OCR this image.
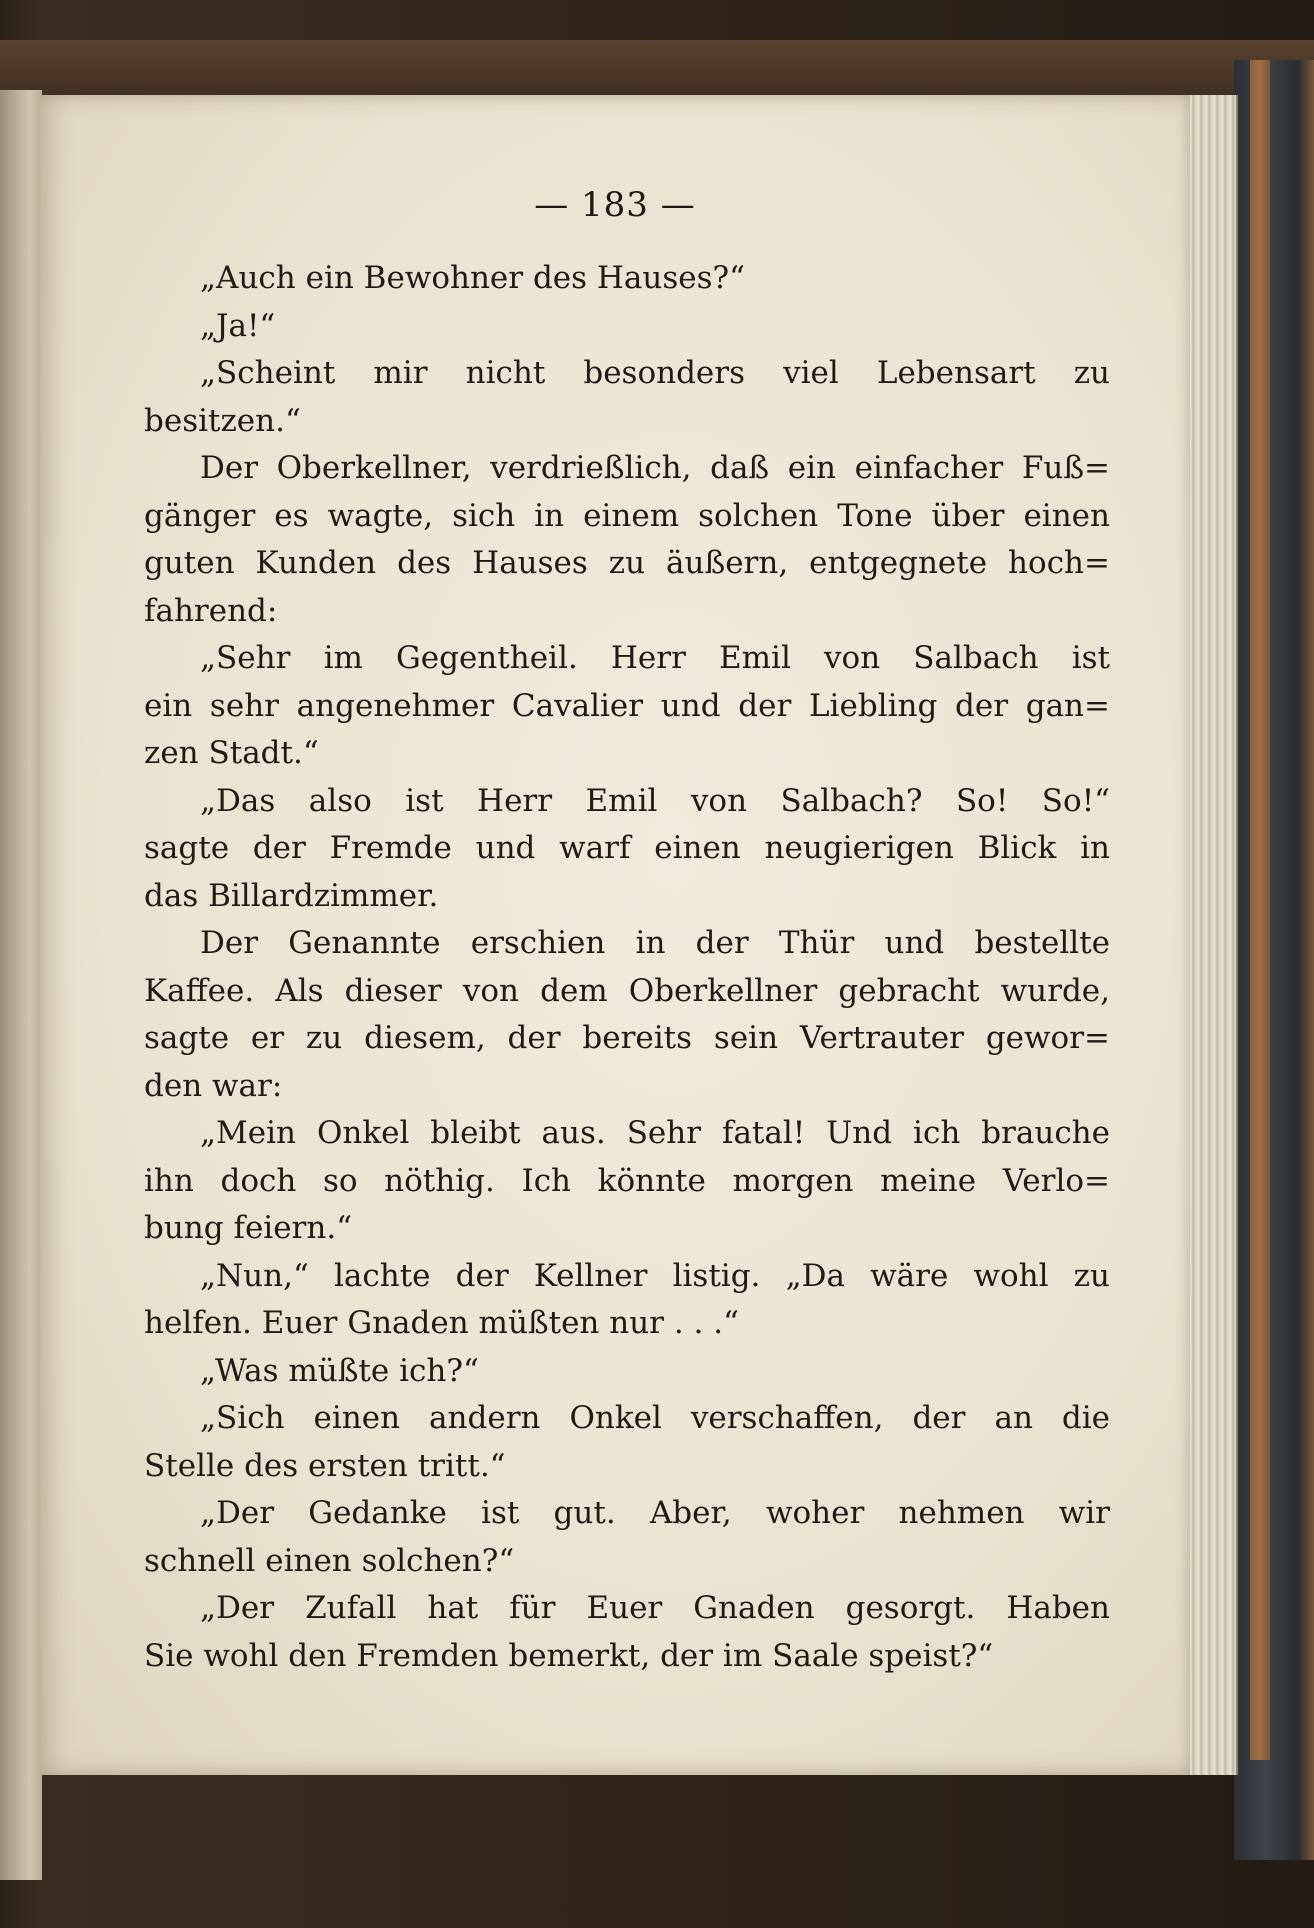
— 183 —
„Auch ein Bewohner des Hauses?“
„Ja!“
„Scheint mir nicht besonders viel Lebensart zu
besitzen.“
Der Oberkellner, verdrießlich, daß ein einfacher Fuß=
gänger es wagte, sich in einem solchen Tone über einen
guten Kunden des Hauses zu äußern, entgegnete hoch=
fahrend:
„Sehr im Gegentheil. Herr Emil von Salbach ist
ein sehr angenehmer Cavalier und der Liebling der gan=
zen Stadt.“
„Das also ist Herr Emil von Salbach? So! So!“
sagte der Fremde und warf einen neugierigen Blick in
das Billardzimmer.
Der Genannte erschien in der Thür und bestellte
Kaffee. Als dieser von dem Oberkellner gebracht wurde,
sagte er zu diesem, der bereits sein Vertrauter gewor=
den war:
„Mein Onkel bleibt aus. Sehr fatal! Und ich brauche
ihn doch so nöthig. Ich könnte morgen meine Verlo=
bung feiern.“
„Nun,“ lachte der Kellner listig. „Da wäre wohl zu
helfen. Euer Gnaden müßten nur . . .“
„Was müßte ich?“
„Sich einen andern Onkel verschaffen, der an die
Stelle des ersten tritt.“
„Der Gedanke ist gut. Aber, woher nehmen wir
schnell einen solchen?“
„Der Zufall hat für Euer Gnaden gesorgt. Haben
Sie wohl den Fremden bemerkt, der im Saale speist?“
